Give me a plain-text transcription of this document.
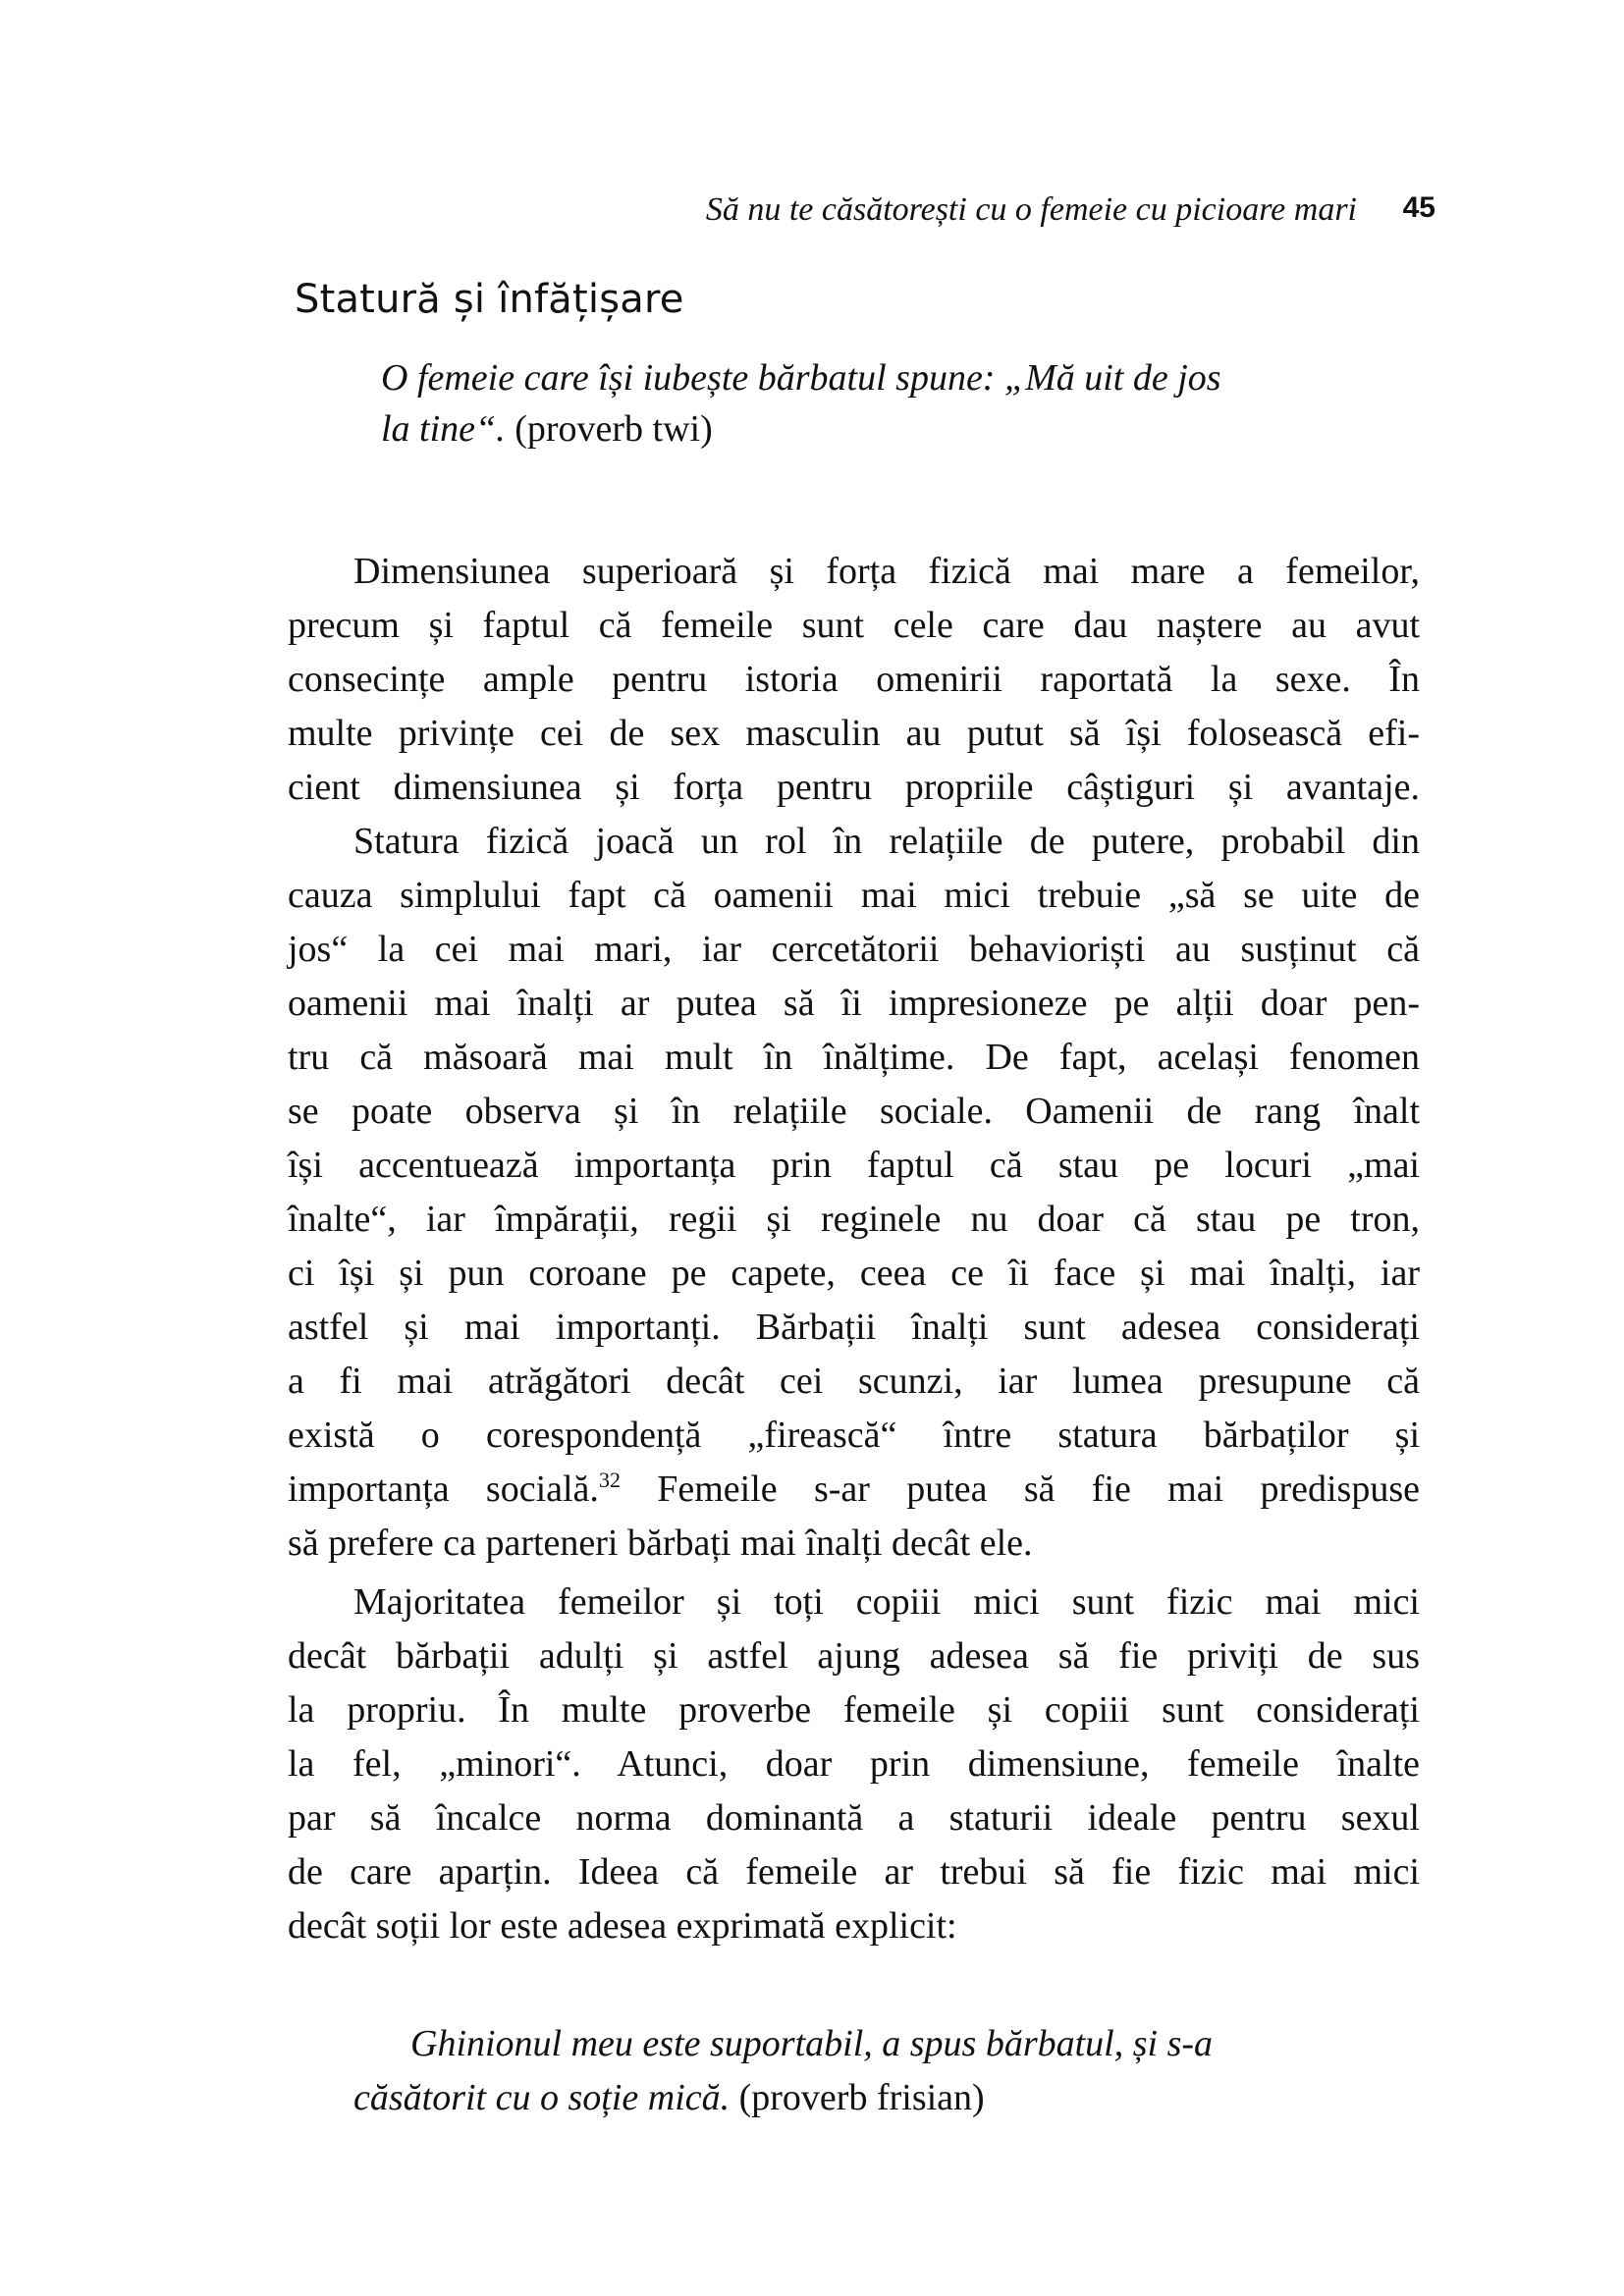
Să nu te căsătorești cu o femeie cu picioare mari 45
Statură și înfățișare
O femeie care își iubește bărbatul spune: „Mă uit de jos
la tine“. (proverb twi)
Dimensiunea superioară și forța fizică mai mare a femeilor,
precum și faptul că femeile sunt cele care dau naștere au avut
consecințe ample pentru istoria omenirii raportată la sexe. În
multe privințe cei de sex masculin au putut să își folosească efi-
cient dimensiunea și forța pentru propriile câștiguri și avantaje.
Statura fizică joacă un rol în relațiile de putere, probabil din
cauza simplului fapt că oamenii mai mici trebuie „să se uite de
jos“ la cei mai mari, iar cercetătorii behavioriști au susținut că
oamenii mai înalți ar putea să îi impresioneze pe alții doar pen-
tru că măsoară mai mult în înălțime. De fapt, același fenomen
se poate observa și în relațiile sociale. Oamenii de rang înalt
își accentuează importanța prin faptul că stau pe locuri „mai
înalte“, iar împărații, regii și reginele nu doar că stau pe tron,
ci își și pun coroane pe capete, ceea ce îi face și mai înalți, iar
astfel și mai importanți. Bărbații înalți sunt adesea considerați
a fi mai atrăgători decât cei scunzi, iar lumea presupune că
există o corespondență „firească“ între statura bărbaților și
importanța socială.$^{32}$ Femeile s-ar putea să fie mai predispuse
să prefere ca parteneri bărbați mai înalți decât ele.
Majoritatea femeilor și toți copiii mici sunt fizic mai mici
decât bărbații adulți și astfel ajung adesea să fie priviți de sus
la propriu. În multe proverbe femeile și copiii sunt considerați
la fel, „minori“. Atunci, doar prin dimensiune, femeile înalte
par să încalce norma dominantă a staturii ideale pentru sexul
de care aparțin. Ideea că femeile ar trebui să fie fizic mai mici
decât soții lor este adesea exprimată explicit:
Ghinionul meu este suportabil, a spus bărbatul, și s-a
căsătorit cu o soție mică. (proverb frisian)
